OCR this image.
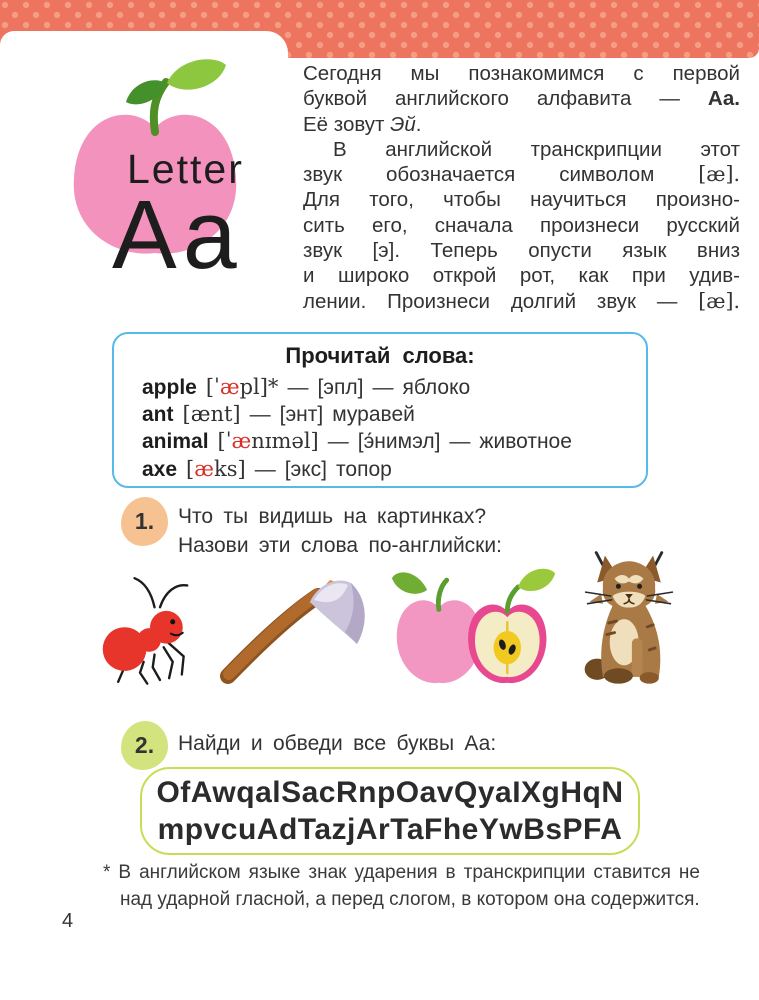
Letter
Aa
Сегодня мы познакомимся с первой
буквой английского алфавита — Аа.
Её зовут Эй.
В английской транскрипции этот
звук обозначается символом [æ].
Для того, чтобы научиться произно-
сить его, сначала произнеси русский
звук [э]. Теперь опусти язык вниз
и широко открой рот, как при удив-
лении. Произнеси долгий звук — [æ].
Прочитай слова:
apple [ˈæpl]* — [эпл] — яблоко
ant [ænt] — [энт] муравей
animal [ˈænɪməl] — [э́нимэл] — животное
axe [æks] — [экс] топор
1. Что ты видишь на картинках?
Назови эти слова по-английски:
2. Найди и обведи все буквы Аа:
OfAwqalSacRnpOavQyaIXgHqN
mpvcuAdTazjArTaFheYwBsPFA
* В английском языке знак ударения в транскрипции ставится не над ударной гласной, а перед слогом, в котором она содержится.
4
